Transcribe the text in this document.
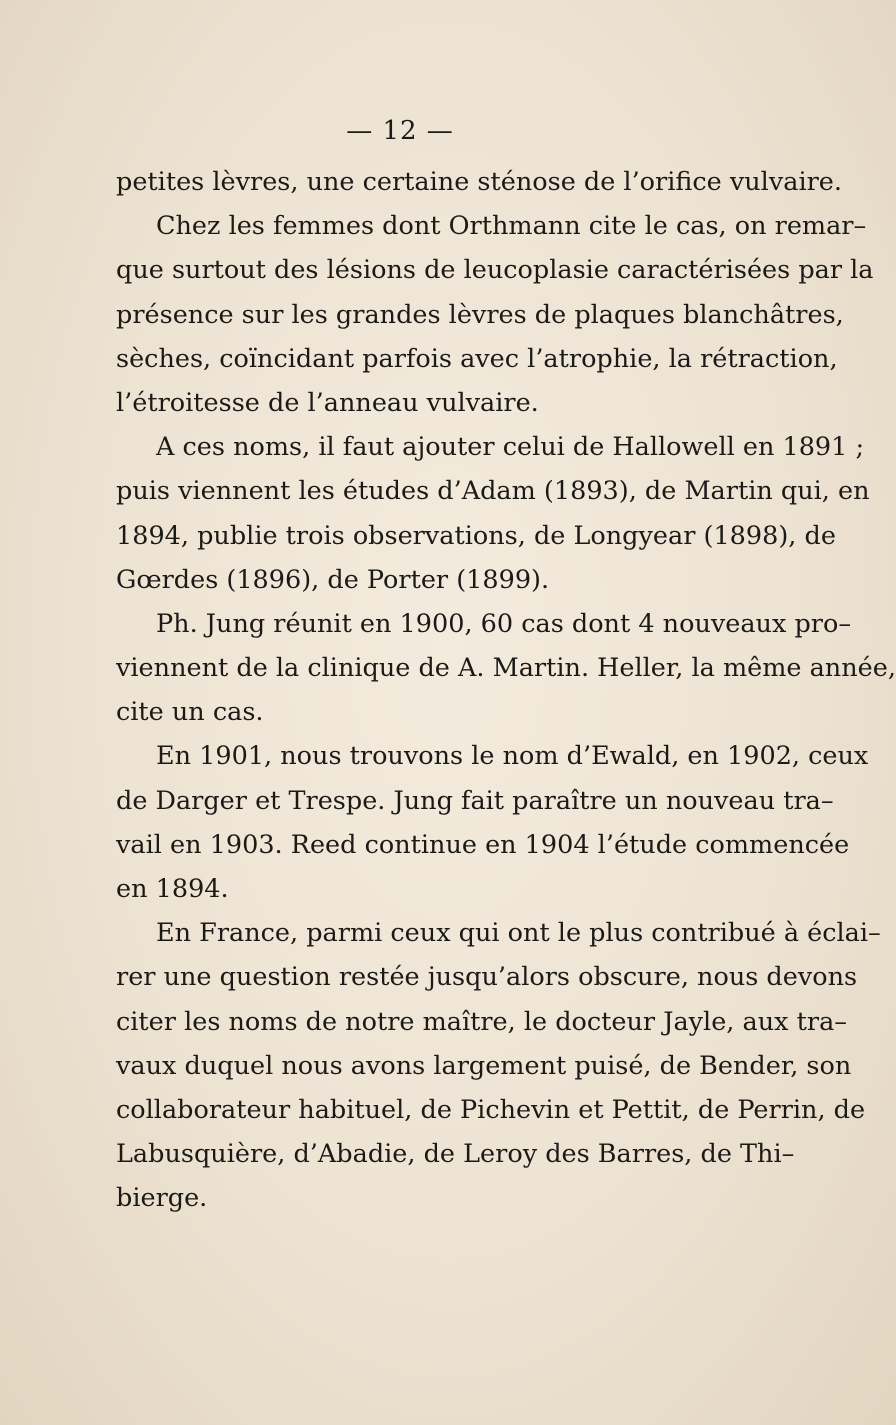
— 12 —
petites lèvres, une certaine sténose de l’orifice vulvaire.
Chez les femmes dont Orthmann cite le cas, on remar–
que surtout des lésions de leucoplasie caractérisées par la
présence sur les grandes lèvres de plaques blanchâtres,
sèches, coïncidant parfois avec l’atrophie, la rétraction,
l’étroitesse de l’anneau vulvaire.
A ces noms, il faut ajouter celui de Hallowell en 1891 ;
puis viennent les études d’Adam (1893), de Martin qui, en
1894, publie trois observations, de Longyear (1898), de
Gœrdes (1896), de Porter (1899).
Ph. Jung réunit en 1900, 60 cas dont 4 nouveaux pro–
viennent de la clinique de A. Martin. Heller, la même année,
cite un cas.
En 1901, nous trouvons le nom d’Ewald, en 1902, ceux
de Darger et Trespe. Jung fait paraître un nouveau tra–
vail en 1903. Reed continue en 1904 l’étude commencée
en 1894.
En France, parmi ceux qui ont le plus contribué à éclai–
rer une question restée jusqu’alors obscure, nous devons
citer les noms de notre maître, le docteur Jayle, aux tra–
vaux duquel nous avons largement puisé, de Bender, son
collaborateur habituel, de Pichevin et Pettit, de Perrin, de
Labusquière, d’Abadie, de Leroy des Barres, de Thi–
bierge.
